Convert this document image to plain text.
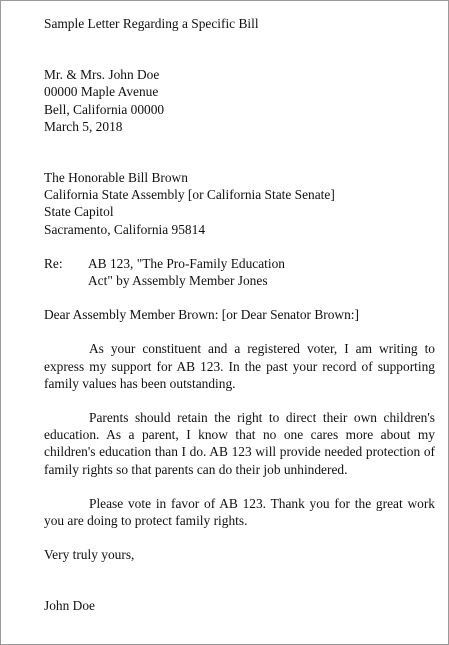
Sample Letter Regarding a Specific Bill
Mr. & Mrs. John Doe
00000 Maple Avenue
Bell, California 00000
March 5, 2018
The Honorable Bill Brown
California State Assembly [or California State Senate]
State Capitol
Sacramento, California 95814
Re:	AB 123, "The Pro-Family Education
Act" by Assembly Member Jones
Dear Assembly Member Brown: [or Dear Senator Brown:]
As your constituent and a registered voter, I am writing to express my support for AB 123. In the past your record of supporting family values has been outstanding.
Parents should retain the right to direct their own children's education. As a parent, I know that no one cares more about my children's education than I do. AB 123 will provide needed protection of family rights so that parents can do their job unhindered.
Please vote in favor of AB 123. Thank you for the great work you are doing to protect family rights.
Very truly yours,
John Doe
